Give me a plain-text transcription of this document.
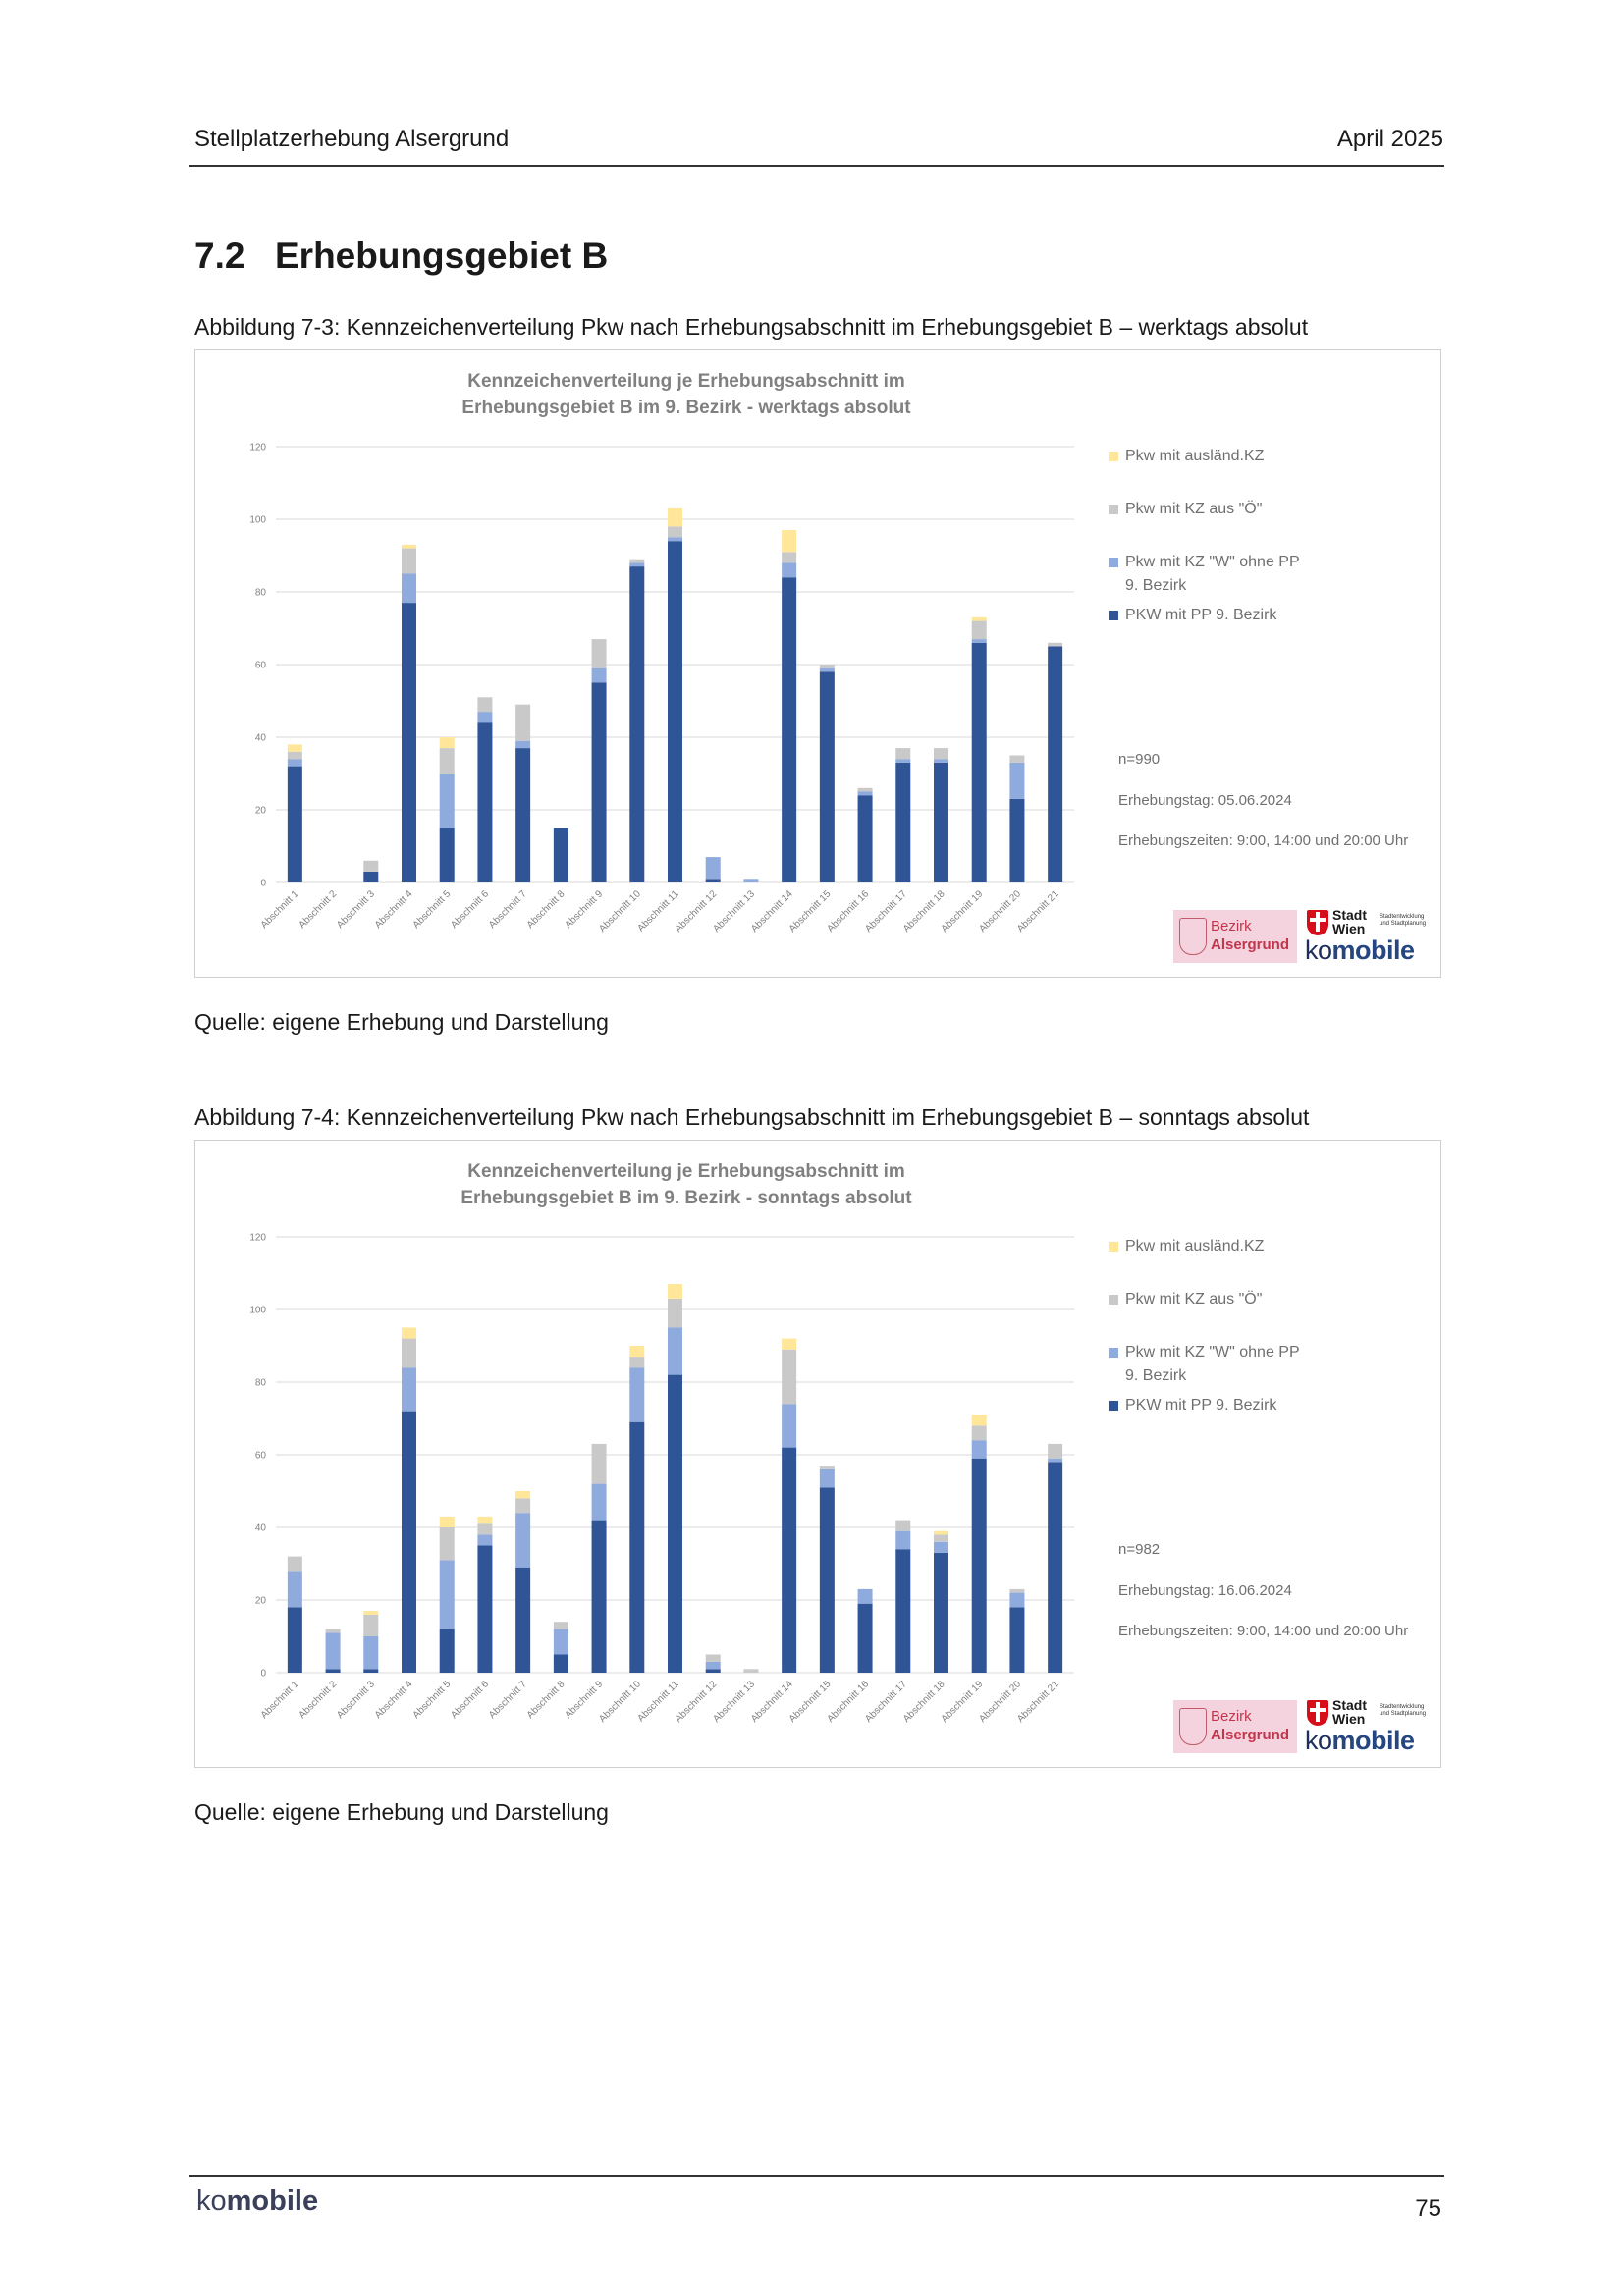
Stellplatzerhebung Alsergrund	April 2025
7.2 Erhebungsgebiet B
Abbildung 7-3: Kennzeichenverteilung Pkw nach Erhebungsabschnitt im Erhebungsgebiet B – werktags absolut
0
20
40
60
80
100
120
Abschnitt 1
Abschnitt 2
Abschnitt 3
Abschnitt 4
Abschnitt 5
Abschnitt 6
Abschnitt 7
Abschnitt 8
Abschnitt 9
Abschnitt 10
Abschnitt 11
Abschnitt 12
Abschnitt 13
Abschnitt 14
Abschnitt 15
Abschnitt 16
Abschnitt 17
Abschnitt 18
Abschnitt 19
Abschnitt 20
Abschnitt 21
Kennzeichenverteilung je Erhebungsabschnitt im
Erhebungsgebiet B im 9. Bezirk - werktags absolut
Pkw mit ausländ.KZ
Pkw mit KZ aus "Ö"
Pkw mit KZ "W" ohne PP
9. Bezirk
PKW mit PP 9. Bezirk
n=990
Erhebungstag: 05.06.2024
Erhebungszeiten: 9:00, 14:00 und 20:00 Uhr
Bezirk
Alsergrund
Stadt
Wien
Stadtentwicklung
und Stadtplanung
komobile
Quelle: eigene Erhebung und Darstellung
Abbildung 7-4: Kennzeichenverteilung Pkw nach Erhebungsabschnitt im Erhebungsgebiet B – sonntags absolut
0
20
40
60
80
100
120
Abschnitt 1
Abschnitt 2
Abschnitt 3
Abschnitt 4
Abschnitt 5
Abschnitt 6
Abschnitt 7
Abschnitt 8
Abschnitt 9
Abschnitt 10
Abschnitt 11
Abschnitt 12
Abschnitt 13
Abschnitt 14
Abschnitt 15
Abschnitt 16
Abschnitt 17
Abschnitt 18
Abschnitt 19
Abschnitt 20
Abschnitt 21
Kennzeichenverteilung je Erhebungsabschnitt im
Erhebungsgebiet B im 9. Bezirk - sonntags absolut
Pkw mit ausländ.KZ
Pkw mit KZ aus "Ö"
Pkw mit KZ "W" ohne PP
9. Bezirk
PKW mit PP 9. Bezirk
n=982
Erhebungstag: 16.06.2024
Erhebungszeiten: 9:00, 14:00 und 20:00 Uhr
Bezirk
Alsergrund
Stadt
Wien
Stadtentwicklung
und Stadtplanung
komobile
Quelle: eigene Erhebung und Darstellung
komobile	75
